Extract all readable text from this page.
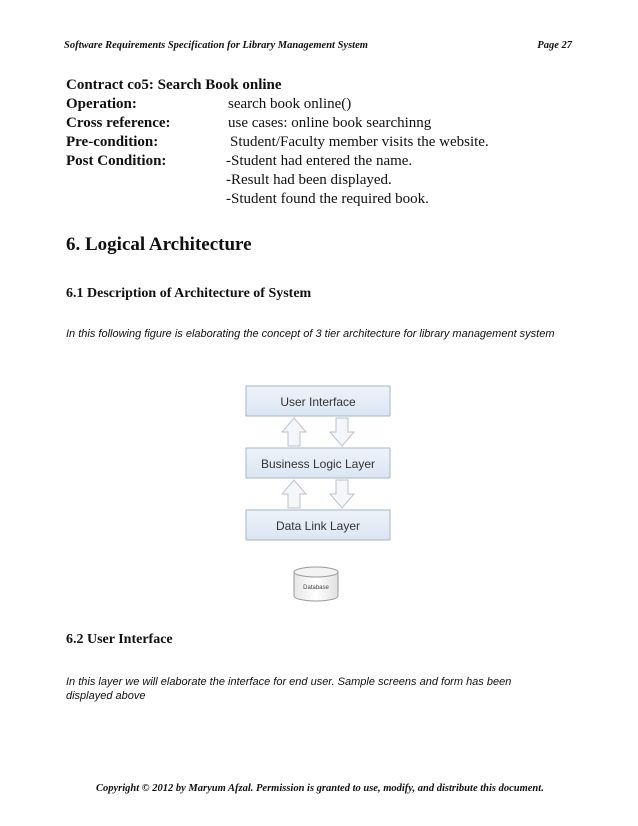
Software Requirements Specification for Library Management System	Page 27
Contract co5: Search Book online
Operation:	search book online()
Cross reference:	use cases: online book searchinng
Pre-condition:	Student/Faculty member visits the website.
Post Condition:	-Student had entered the name.
-Result had been displayed.
-Student found the required book.
6. Logical Architecture
6.1 Description of Architecture of System
In this following figure is elaborating the concept of 3 tier architecture for library management system
User Interface
Business Logic Layer
Data Link Layer
Database
6.2 User Interface
In this layer we will elaborate the interface for end user. Sample screens and form has been displayed above
Copyright © 2012 by Maryum Afzal. Permission is granted to use, modify, and distribute this document.
